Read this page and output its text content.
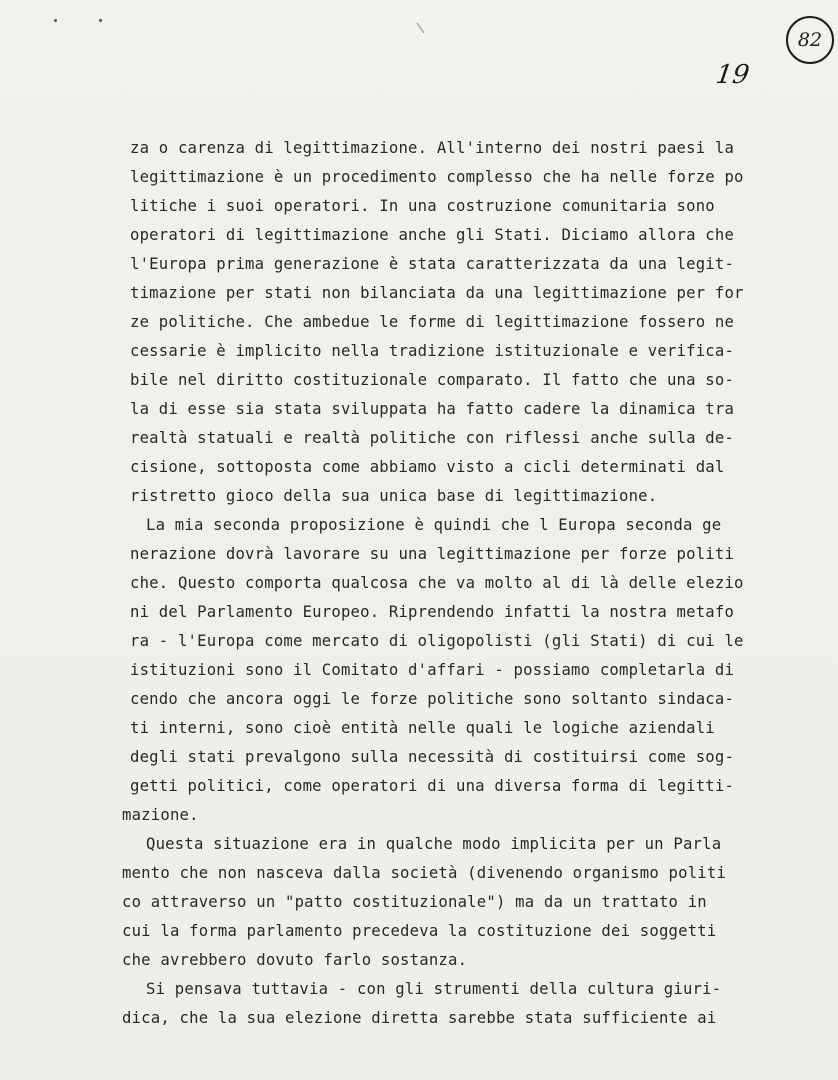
82
19
za o carenza di legittimazione. All'interno dei nostri paesi la
legittimazione è un procedimento complesso che ha nelle forze po
litiche i suoi operatori. In una costruzione comunitaria sono
operatori di legittimazione anche gli Stati. Diciamo allora che
l'Europa prima generazione è stata caratterizzata da una legit-
timazione per stati non bilanciata da una legittimazione per for
ze politiche. Che ambedue le forme di legittimazione fossero ne
cessarie è implicito nella tradizione istituzionale e verifica-
bile nel diritto costituzionale comparato. Il fatto che una so-
la di esse sia stata sviluppata ha fatto cadere la dinamica tra
realtà statuali e realtà politiche con riflessi anche sulla de-
cisione, sottoposta come abbiamo visto a cicli determinati dal
ristretto gioco della sua unica base di legittimazione.
La mia seconda proposizione è quindi che l Europa seconda ge
nerazione dovrà lavorare su una legittimazione per forze politi
che. Questo comporta qualcosa che va molto al di là delle elezio
ni del Parlamento Europeo. Riprendendo infatti la nostra metafo
ra - l'Europa come mercato di oligopolisti (gli Stati) di cui le
istituzioni sono il Comitato d'affari - possiamo completarla di
cendo che ancora oggi le forze politiche sono soltanto sindaca-
ti interni, sono cioè entità nelle quali le logiche aziendali
degli stati prevalgono sulla necessità di costituirsi come sog-
getti politici, come operatori di una diversa forma di legitti-
mazione.
Questa situazione era in qualche modo implicita per un Parla
mento che non nasceva dalla società (divenendo organismo politi
co attraverso un "patto costituzionale") ma da un trattato in
cui la forma parlamento precedeva la costituzione dei soggetti
che avrebbero dovuto farlo sostanza.
Si pensava tuttavia - con gli strumenti della cultura giuri-
dica, che la sua elezione diretta sarebbe stata sufficiente ai
